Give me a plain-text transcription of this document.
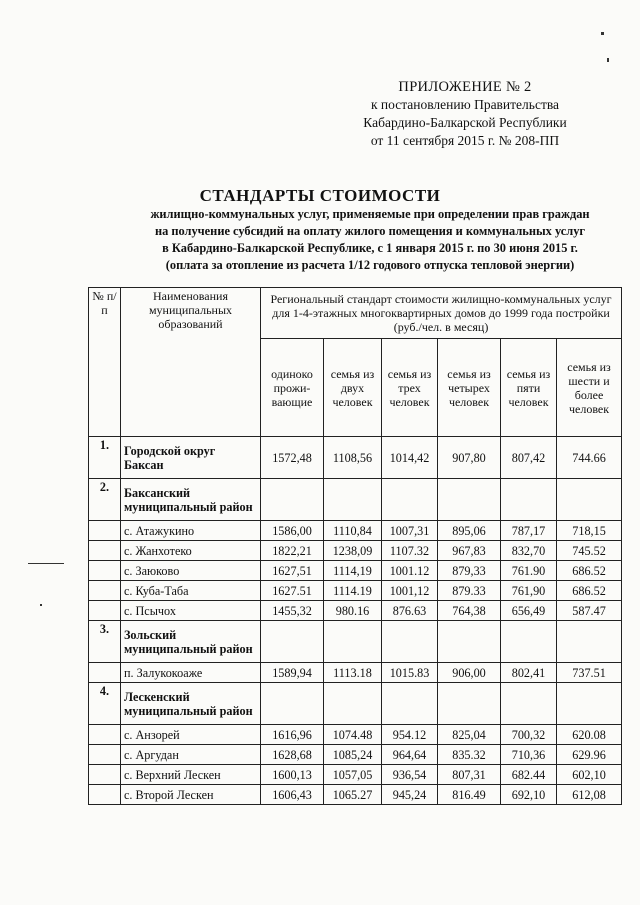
ПРИЛОЖЕНИЕ № 2
к постановлению Правительства
Кабардино-Балкарской Республики
от 11 сентября 2015 г. № 208-ПП
СТАНДАРТЫ СТОИМОСТИ
жилищно-коммунальных услуг, применяемые при определении прав граждан
на получение субсидий на оплату жилого помещения и коммунальных услуг
в Кабардино-Балкарской Республике, с 1 января 2015 г. по 30 июня 2015 г.
(оплата за отопление из расчета 1/12 годового отпуска тепловой энергии)
№ п/п	Наименования муниципальных образований	Региональный стандарт стоимости жилищно-коммунальных услуг для 1-4-этажных многоквартирных домов до 1999 года постройки (руб./чел. в месяц)					
		одиноко прожи-вающие	семья из двух человек	семья из трех человек	семья из четырех человек	семья из пяти человек	семья из шести и более человек
1.	Городской округ Баксан	1572,48	1108,56	1014,42	907,80	807,42	744.66
2.	Баксанский муниципальный район						
	с. Атажукино	1586,00	1110,84	1007,31	895,06	787,17	718,15
	с. Жанхотеко	1822,21	1238,09	1107.32	967,83	832,70	745.52
	с. Заюково	1627,51	1114,19	1001.12	879,33	761.90	686.52
	с. Куба-Таба	1627.51	1114.19	1001,12	879.33	761,90	686.52
	с. Псычох	1455,32	980.16	876.63	764,38	656,49	587.47
3.	Зольский муниципальный район						
	п. Залукокоаже	1589,94	1113.18	1015.83	906,00	802,41	737.51
4.	Лескенский муниципальный район						
	с. Анзорей	1616,96	1074.48	954.12	825,04	700,32	620.08
	с. Аргудан	1628,68	1085,24	964,64	835.32	710,36	629.96
	с. Верхний Лескен	1600,13	1057,05	936,54	807,31	682.44	602,10
	с. Второй Лескен	1606,43	1065.27	945,24	816.49	692,10	612,08
